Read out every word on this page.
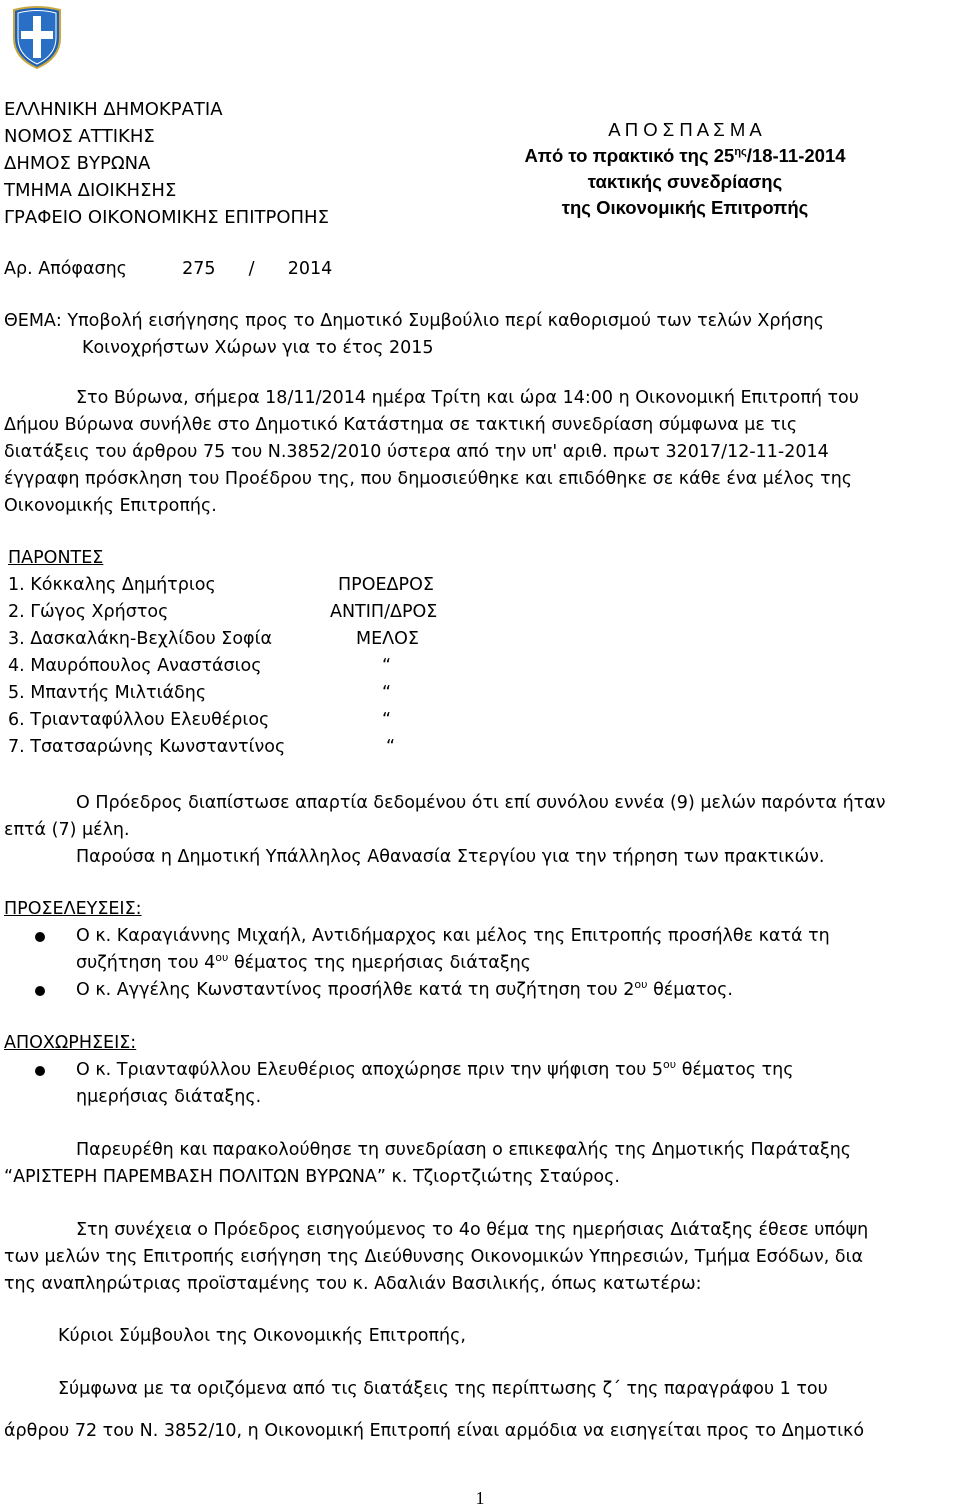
ΕΛΛΗΝΙΚΗ ΔΗΜΟΚΡΑΤΙΑ
ΝΟΜΟΣ ΑΤΤΙΚΗΣ
ΔΗΜΟΣ ΒΥΡΩΝΑ
ΤΜΗΜΑ ΔΙΟΙΚΗΣΗΣ
ΓΡΑΦΕΙΟ ΟΙΚΟΝΟΜΙΚΗΣ ΕΠΙΤΡΟΠΗΣ
Α Π Ο Σ Π Α Σ Μ Α
Από το πρακτικό της $25^{\eta\varsigma}/18-11-2014$
τακτικής συνεδρίασης
της Οικονομικής Επιτροπής
Αρ. Απόφασης	275 / 2014
ΘΕΜΑ: Υποβολή εισήγησης προς το Δημοτικό Συμβούλιο περί καθορισμού των τελών Χρήσης
Κοινοχρήστων Χώρων για το έτος 2015
Στο Βύρωνα, σήμερα 18/11/2014 ημέρα Τρίτη και ώρα 14:00 η Οικονομική Επιτροπή του
Δήμου Βύρωνα συνήλθε στο Δημοτικό Κατάστημα σε τακτική συνεδρίαση σύμφωνα με τις
διατάξεις του άρθρου 75 του Ν.3852/2010 ύστερα από την υπ' αριθ. πρωτ 32017/12-11-2014
έγγραφη πρόσκληση του Προέδρου της, που δημοσιεύθηκε και επιδόθηκε σε κάθε ένα μέλος της
Οικονομικής Επιτροπής.
ΠΑΡΟΝΤΕΣ
1. Κόκκαλης Δημήτριος	ΠΡΟΕΔΡΟΣ
2. Γώγος Χρήστος	ΑΝΤΙΠ/ΔΡΟΣ
3. Δασκαλάκη-Βεχλίδου Σοφία	ΜΕΛΟΣ
4. Μαυρόπουλος Αναστάσιος	“
5. Μπαντής Μιλτιάδης	“
6. Τριανταφύλλου Ελευθέριος	“
7. Τσατσαρώνης Κωνσταντίνος	“
Ο Πρόεδρος διαπίστωσε απαρτία δεδομένου ότι επί συνόλου εννέα (9) μελών παρόντα ήταν
επτά (7) μέλη.
Παρούσα η Δημοτική Υπάλληλος Αθανασία Στεργίου για την τήρηση των πρακτικών.
ΠΡΟΣΕΛΕΥΣΕΙΣ:
Ο κ. Καραγιάννης Μιχαήλ, Αντιδήμαρχος και μέλος της Επιτροπής προσήλθε κατά τη
συζήτηση του $4^{o\upsilon}$ θέματος της ημερήσιας διάταξης
Ο κ. Αγγέλης Κωνσταντίνος προσήλθε κατά τη συζήτηση του $2^{o\upsilon}$ θέματος.
ΑΠΟΧΩΡΗΣΕΙΣ:
Ο κ. Τριανταφύλλου Ελευθέριος αποχώρησε πριν την ψήφιση του $5^{o\upsilon}$ θέματος της
ημερήσιας διάταξης.
Παρευρέθη και παρακολούθησε τη συνεδρίαση ο επικεφαλής της Δημοτικής Παράταξης
“ΑΡΙΣΤΕΡΗ ΠΑΡΕΜΒΑΣΗ ΠΟΛΙΤΩΝ ΒΥΡΩΝΑ” κ. Τζιορτζιώτης Σταύρος.
Στη συνέχεια ο Πρόεδρος εισηγούμενος το 4ο θέμα της ημερήσιας Διάταξης έθεσε υπόψη
των μελών της Επιτροπής εισήγηση της Διεύθυνσης Οικονομικών Υπηρεσιών, Τμήμα Εσόδων, δια
της αναπληρώτριας προϊσταμένης του κ. Αδαλιάν Βασιλικής, όπως κατωτέρω:
Κύριοι Σύμβουλοι της Οικονομικής Επιτροπής,
Σύμφωνα με τα οριζόμενα από τις διατάξεις της περίπτωσης ζ΄ της παραγράφου 1 του
άρθρου 72 του Ν. 3852/10, η Οικονομική Επιτροπή είναι αρμόδια να εισηγείται προς το Δημοτικό
1
